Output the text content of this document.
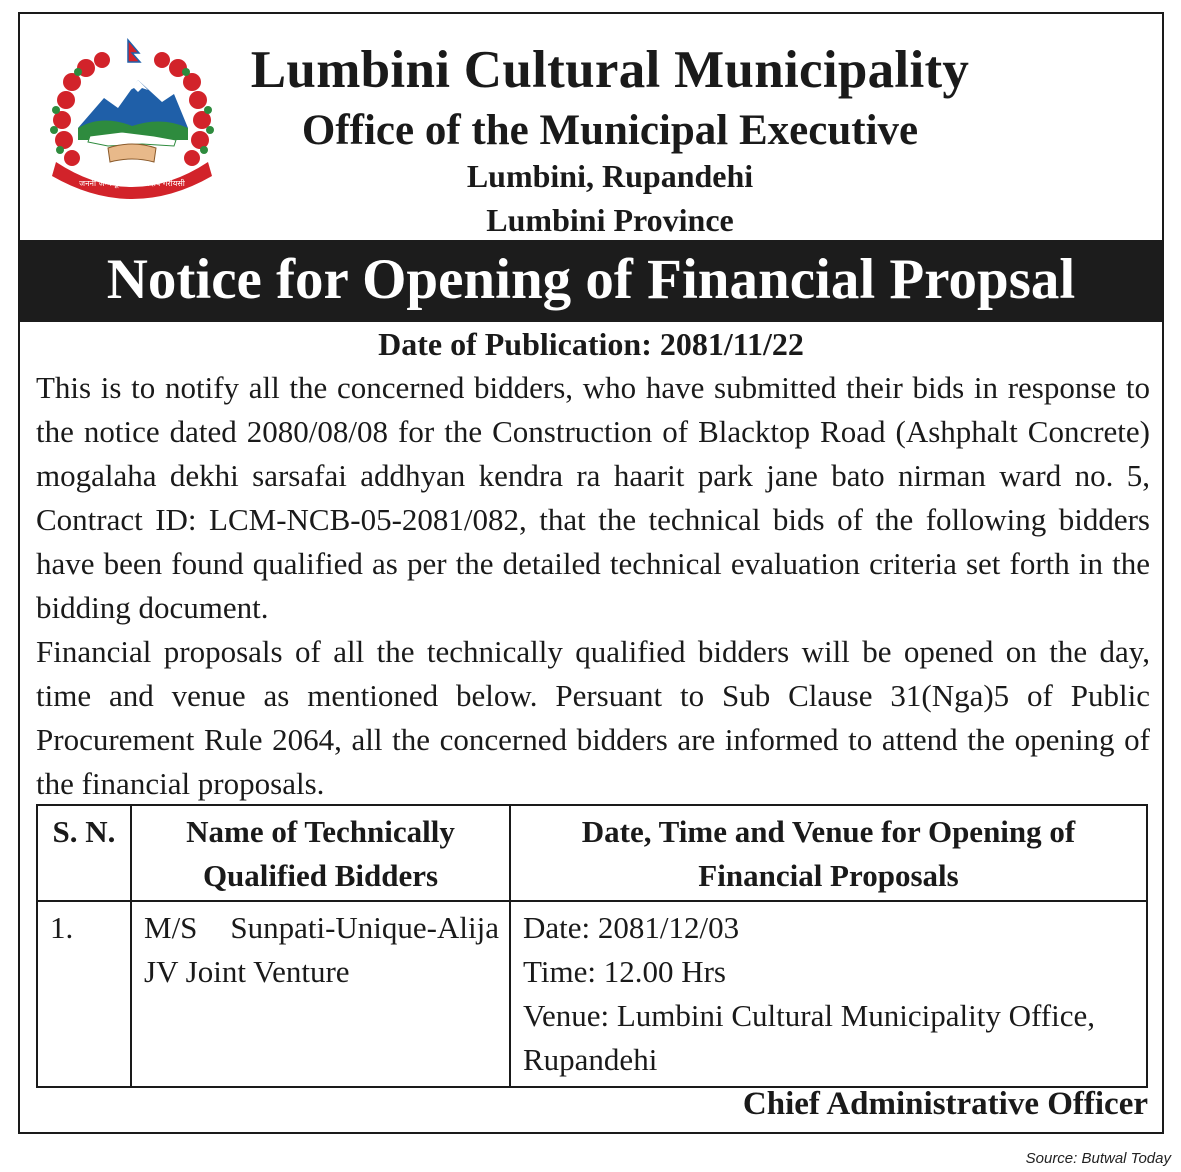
जननी जन्मभूमिश्च स्वर्गादपि गरीयसी
Lumbini Cultural Municipality
Office of the Municipal Executive
Lumbini, Rupandehi
Lumbini Province
Notice for Opening of Financial Propsal
Date of Publication: 2081/11/22

This is to notify all the concerned bidders, who have submitted their bids in response to the notice dated 2080/08/08 for the Construction of Blacktop Road (Ashphalt Concrete) mogalaha dekhi sarsafai addhyan kendra ra haarit park jane bato nirman ward no. 5, Contract ID: LCM-NCB-05-2081/082, that the technical bids of the following bidders have been found qualified as per the detailed technical evaluation criteria set forth in the bidding document.

Financial proposals of all the technically qualified bidders will be opened on the day, time and venue as mentioned below. Persuant to Sub Clause 31(Nga)5 of Public Procurement Rule 2064, all the concerned bidders are informed to attend the opening of the financial proposals.

S. N.	Name of Technically Qualified Bidders	Date, Time and Venue for Opening of Financial Proposals
1.	M/S Sunpati-Unique-Alija JV Joint Venture	Date: 2081/12/03
Time: 12.00 Hrs
Venue: Lumbini Cultural Municipality Office, Rupandehi
Chief Administrative Officer
Source: Butwal Today
